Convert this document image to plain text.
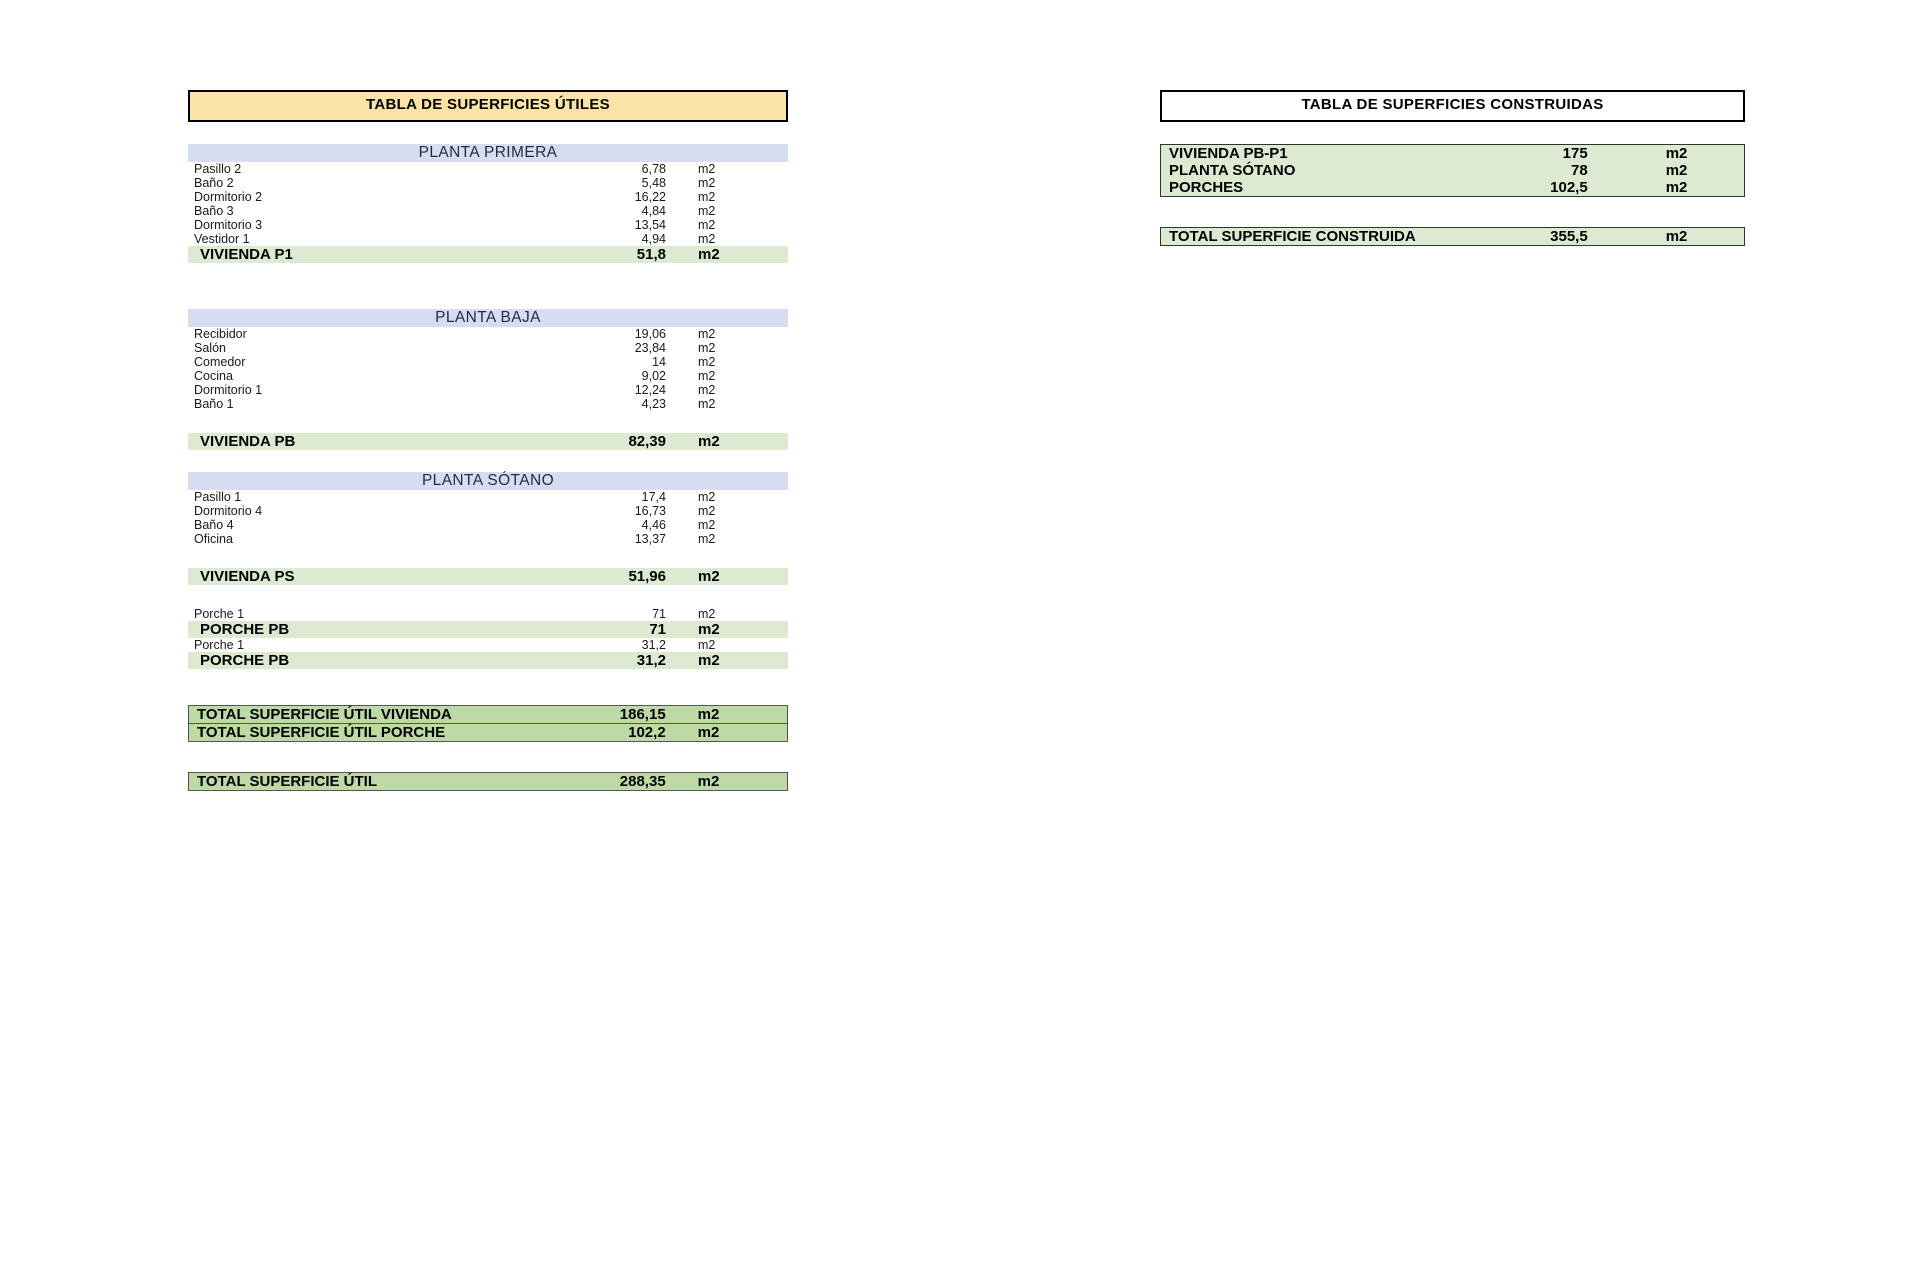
TABLA DE SUPERFICIES ÚTILES
PLANTA PRIMERA		
Pasillo 2	6,78	m2
Baño 2	5,48	m2
Dormitorio 2	16,22	m2
Baño 3	4,84	m2
Dormitorio 3	13,54	m2
Vestidor 1	4,94	m2
VIVIENDA P1	51,8	m2
PLANTA BAJA		
Recibidor	19,06	m2
Salón	23,84	m2
Comedor	14	m2
Cocina	9,02	m2
Dormitorio 1	12,24	m2
Baño 1	4,23	m2

VIVIENDA PB	82,39	m2
PLANTA SÓTANO		
Pasillo 1	17,4	m2
Dormitorio 4	16,73	m2
Baño 4	4,46	m2
Oficina	13,37	m2

VIVIENDA PS	51,96	m2
Porche 1	71	m2
PORCHE PB	71	m2
Porche 1	31,2	m2
PORCHE PB	31,2	m2
TOTAL SUPERFICIE ÚTIL VIVIENDA	186,15	m2
TOTAL SUPERFICIE ÚTIL PORCHE	102,2	m2
TOTAL SUPERFICIE ÚTIL	288,35	m2
TABLA DE SUPERFICIES CONSTRUIDAS
VIVIENDA PB-P1	175	m2
PLANTA SÓTANO	78	m2
PORCHES	102,5	m2
TOTAL SUPERFICIE CONSTRUIDA	355,5	m2
